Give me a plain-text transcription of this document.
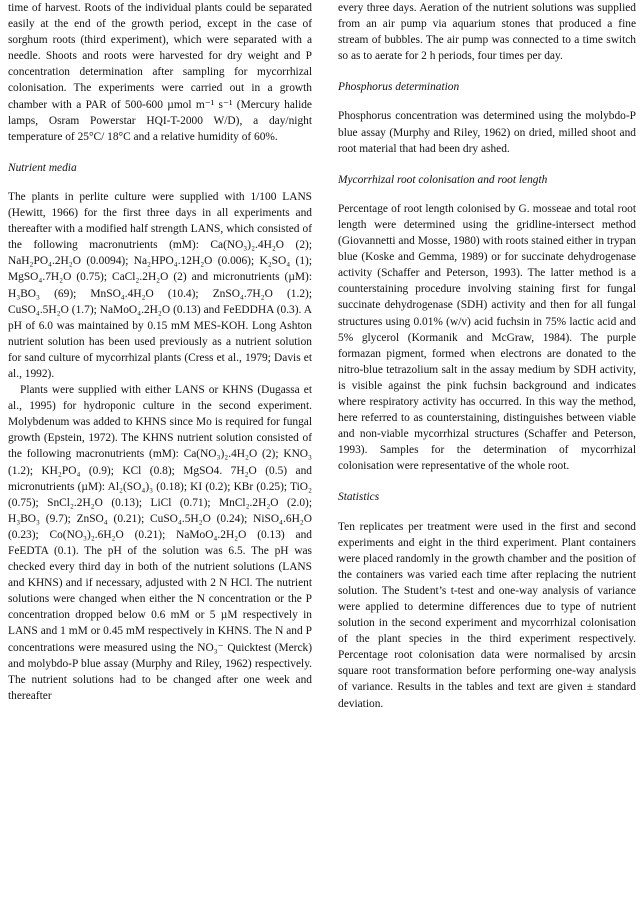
time of harvest. Roots of the individual plants could be separated easily at the end of the growth period, except in the case of sorghum roots (third experiment), which were separated with a needle. Shoots and roots were harvested for dry weight and P concentration determination after sampling for mycorrhizal colonisation. The experiments were carried out in a growth chamber with a PAR of 500-600 µmol m⁻¹ s⁻¹ (Mercury halide lamps, Osram Powerstar HQI-T-2000 W/D), a day/night temperature of 25°C/ 18°C and a relative humidity of 60%.

Nutrient media

The plants in perlite culture were supplied with 1/100 LANS (Hewitt, 1966) for the first three days in all experiments and thereafter with a modified half strength LANS, which consisted of the following macronutrients (mM): Ca(NO₃)₂.4H₂O (2); NaH₂PO₄.2H₂O (0.0094); Na₂HPO₄.12H₂O (0.006); K₂SO₄ (1); MgSO₄.7H₂O (0.75); CaCl₂.2H₂O (2) and micronutrients (µM): H₃BO₃ (69); MnSO₄.4H₂O (10.4); ZnSO₄.7H₂O (1.2); CuSO₄.5H₂O (1.7); NaMoO₄.2H₂O (0.13) and FeEDDHA (0.3). A pH of 6.0 was maintained by 0.15 mM MES-KOH. Long Ashton nutrient solution has been used previously as a nutrient solution for sand culture of mycorrhizal plants (Cress et al., 1979; Davis et al., 1992).

Plants were supplied with either LANS or KHNS (Dugassa et al., 1995) for hydroponic culture in the second experiment. Molybdenum was added to KHNS since Mo is required for fungal growth (Epstein, 1972). The KHNS nutrient solution consisted of the following macronutrients (mM): Ca(NO₃)₂.4H₂O (2); KNO₃ (1.2); KH₂PO₄ (0.9); KCl (0.8); MgSO4. 7H₂O (0.5) and micronutrients (µM): Al₂(SO₄)₃ (0.18); KI (0.2); KBr (0.25); TiO₂ (0.75); SnCl₂.2H₂O (0.13); LiCl (0.71); MnCl₂.2H₂O (2.0); H₃BO₃ (9.7); ZnSO₄ (0.21); CuSO₄.5H₂O (0.24); NiSO₄.6H₂O (0.23); Co(NO₃)₂.6H₂O (0.21); NaMoO₄.2H₂O (0.13) and FeEDTA (0.1). The pH of the solution was 6.5. The pH was checked every third day in both of the nutrient solutions (LANS and KHNS) and if necessary, adjusted with 2 N HCl. The nutrient solutions were changed when either the N concentration or the P concentration dropped below 0.6 mM or 5 µM respectively in LANS and 1 mM or 0.45 mM respectively in KHNS. The N and P concentrations were measured using the NO₃⁻ Quicktest (Merck) and molybdo-P blue assay (Murphy and Riley, 1962) respectively. The nutrient solutions had to be changed after one week and thereafter

every three days. Aeration of the nutrient solutions was supplied from an air pump via aquarium stones that produced a fine stream of bubbles. The air pump was connected to a time switch so as to aerate for 2 h periods, four times per day.

Phosphorus determination

Phosphorus concentration was determined using the molybdo-P blue assay (Murphy and Riley, 1962) on dried, milled shoot and root material that had been dry ashed.

Mycorrhizal root colonisation and root length

Percentage of root length colonised by G. mosseae and total root length were determined using the gridline-intersect method (Giovannetti and Mosse, 1980) with roots stained either in trypan blue (Koske and Gemma, 1989) or for succinate dehydrogenase activity (Schaffer and Peterson, 1993). The latter method is a counterstaining procedure involving staining first for fungal succinate dehydrogenase (SDH) activity and then for all fungal structures using 0.01% (w/v) acid fuchsin in 75% lactic acid and 5% glycerol (Kormanik and McGraw, 1984). The purple formazan pigment, formed when electrons are donated to the nitro-blue tetrazolium salt in the assay medium by SDH activity, is visible against the pink fuchsin background and indicates where respiratory activity has occurred. In this way the method, here referred to as counterstaining, distinguishes between viable and non-viable mycorrhizal structures (Schaffer and Peterson, 1993). Samples for the determination of mycorrhizal colonisation were representative of the whole root.

Statistics

Ten replicates per treatment were used in the first and second experiments and eight in the third experiment. Plant containers were placed randomly in the growth chamber and the position of the containers was varied each time after replacing the nutrient solution. The Student’s t-test and one-way analysis of variance were applied to determine differences due to type of nutrient solution in the second experiment and mycorrhizal colonisation of the plant species in the third experiment respectively. Percentage root colonisation data were normalised by arcsin square root transformation before performing one-way analysis of variance. Results in the tables and text are given ± standard deviation.
